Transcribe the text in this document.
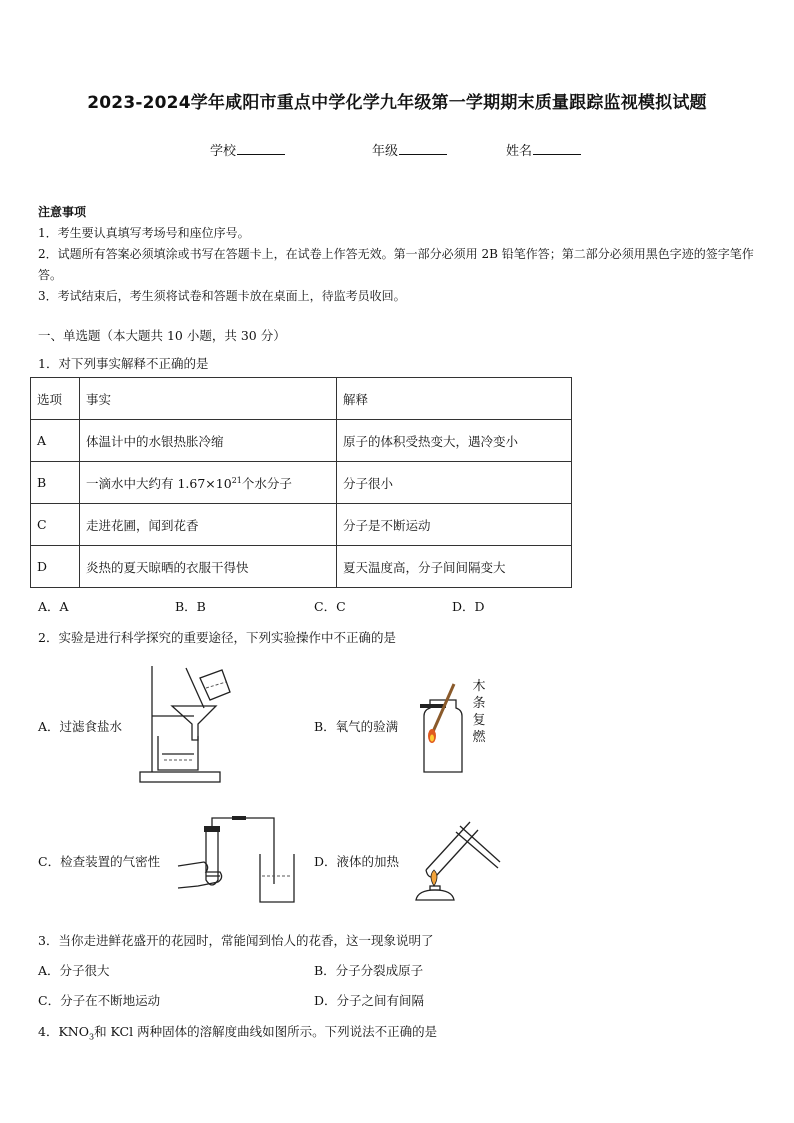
2023-2024学年咸阳市重点中学化学九年级第一学期期末质量跟踪监视模拟试题
学校	年级	姓名

注意事项

1．考生要认真填写考场号和座位序号。

2．试题所有答案必须填涂或书写在答题卡上，在试卷上作答无效。第一部分必须用 2B 铅笔作答；第二部分必须用黑色字迹的签字笔作答。

3．考试结束后，考生须将试卷和答题卡放在桌面上，待监考员收回。

一、单选题（本大题共 10 小题，共 30 分）
1．对下列事实解释不正确的是
选项	事实	解释
A	体温计中的水银热胀冷缩	原子的体积受热变大，遇冷变小
B	一滴水中大约有 $1.67\times 10^{21}$个水分子	分子很小
C	走进花圃，闻到花香	分子是不断运动
D	炎热的夏天晾晒的衣服干得快	夏天温度高，分子间间隔变大
A．A	B．B	C．C	D．D
2．实验是进行科学探究的重要途径，下列实验操作中不正确的是
A．过滤食盐水	B．氧气的验满
木
条
复
燃
C．检查装置的气密性	D．液体的加热
3．当你走进鲜花盛开的花园时，常能闻到怡人的花香，这一现象说明了
A．分子很大	B．分子分裂成原子
C．分子在不断地运动	D．分子之间有间隔
4．$KNO_3$和 KCl 两种固体的溶解度曲线如图所示。下列说法不正确的是
